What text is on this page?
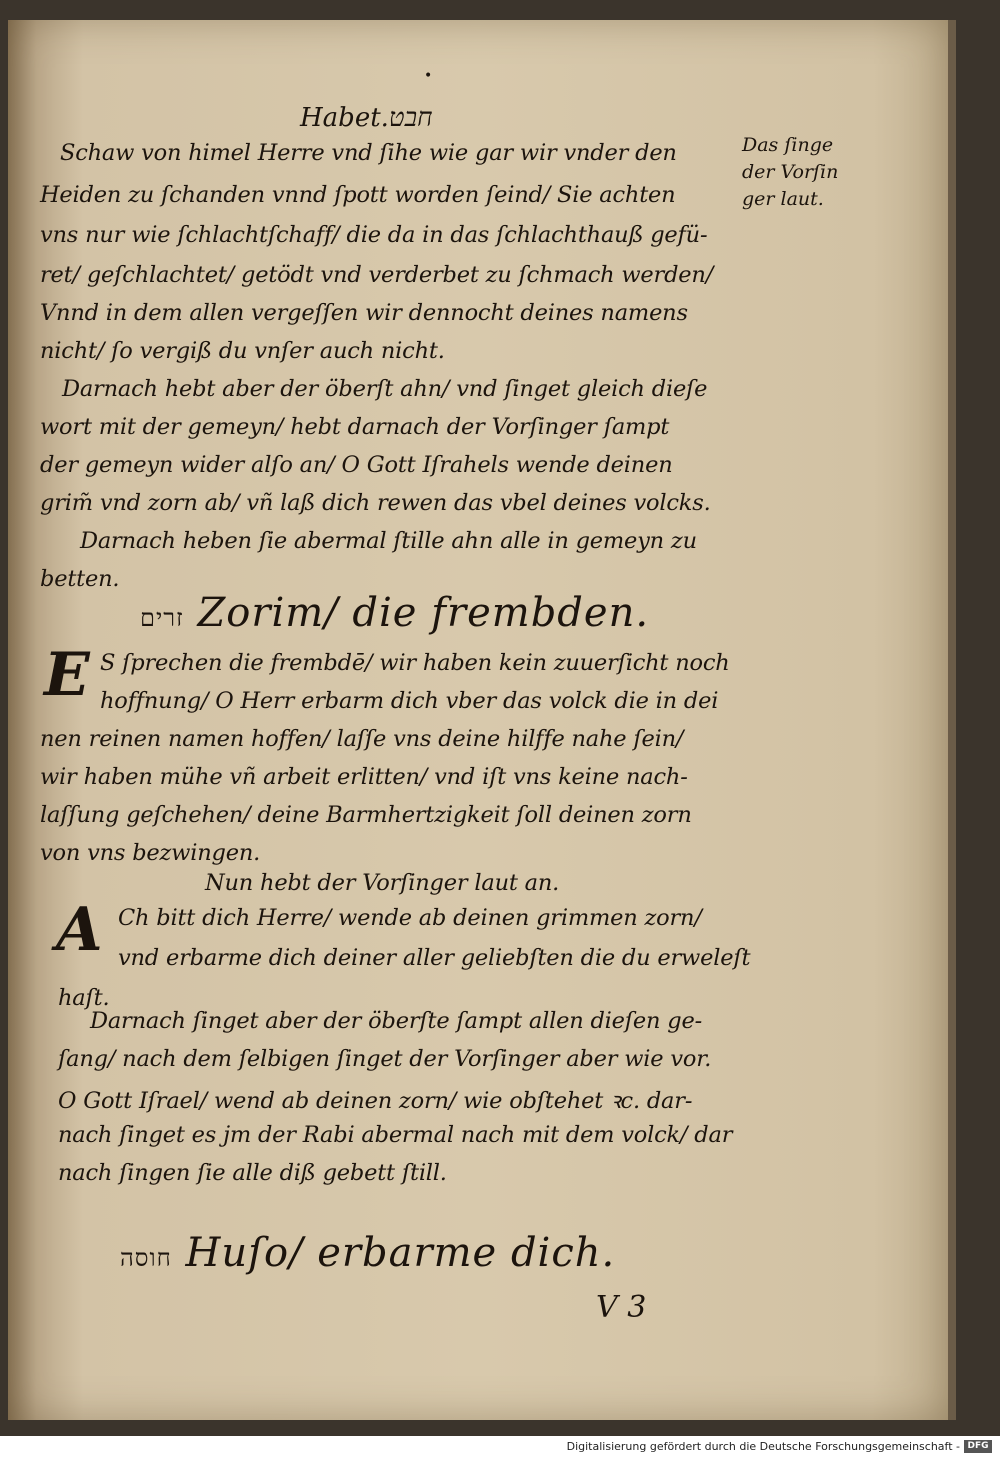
•
Habet.חבט
Das ſinge
der Vorſin
ger laut.
Schaw von himel Herre vnd ſihe wie gar wir vnder den
Heiden zu ſchanden vnnd ſpott worden ſeind/ Sie achten
vns nur wie ſchlachtſchaff/ die da in das ſchlachthauß gefü-
ret/ geſchlachtet/ getödt vnd verderbet zu ſchmach werden/
Vnnd in dem allen vergeſſen wir dennocht deines namens
nicht/ ſo vergiß du vnſer auch nicht.
Darnach hebt aber der öberſt ahn/ vnd ſinget gleich dieſe
wort mit der gemeyn/ hebt darnach der Vorſinger ſampt
der gemeyn wider alſo an/ O Gott Iſrahels wende deinen
grim̃ vnd zorn ab/ vñ laß dich rewen das vbel deines volcks.
Darnach heben ſie abermal ſtille ahn alle in gemeyn zu
betten.
זרים Zorim/ die frembden.
E S ſprechen die frembdē/ wir haben kein zuuerſicht noch
hoffnung/ O Herr erbarm dich vber das volck die in dei
nen reinen namen hoffen/ laſſe vns deine hilffe nahe ſein/
wir haben mühe vñ arbeit erlitten/ vnd iſt vns keine nach-
laſſung geſchehen/ deine Barmhertzigkeit ſoll deinen zorn
von vns bezwingen.
Nun hebt der Vorſinger laut an.
A Ch bitt dich Herre/ wende ab deinen grimmen zorn/
vnd erbarme dich deiner aller geliebſten die du erweleſt
haſt.
Darnach ſinget aber der öberſte ſampt allen dieſen ge-
ſang/ nach dem ſelbigen ſinget der Vorſinger aber wie vor.
O Gott Iſrael/ wend ab deinen zorn/ wie obſtehet ꝛc. dar-
nach ſinget es jm der Rabi abermal nach mit dem volck/ dar
nach ſingen ſie alle diß gebett ſtill.
חוסה Huſo/ erbarme dich.
V 3
Digitalisierung gefördert durch die Deutsche Forschungsgemeinschaft - DFG
